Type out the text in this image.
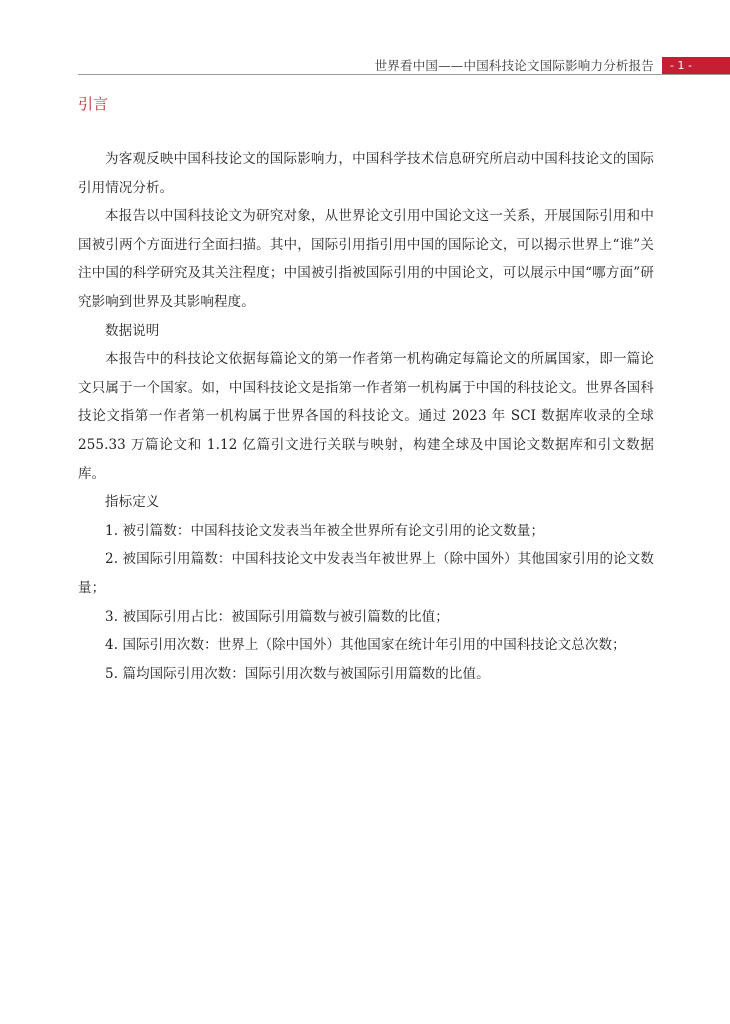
世界看中国——中国科技论文国际影响力分析报告	- 1 -
引言

为客观反映中国科技论文的国际影响力，中国科学技术信息研究所启动中国科技论文的国际引用情况分析。

本报告以中国科技论文为研究对象，从世界论文引用中国论文这一关系，开展国际引用和中国被引两个方面进行全面扫描。其中，国际引用指引用中国的国际论文，可以揭示世界上“谁”关注中国的科学研究及其关注程度；中国被引指被国际引用的中国论文，可以展示中国“哪方面”研究影响到世界及其影响程度。

数据说明

本报告中的科技论文依据每篇论文的第一作者第一机构确定每篇论文的所属国家，即一篇论文只属于一个国家。如，中国科技论文是指第一作者第一机构属于中国的科技论文。世界各国科技论文指第一作者第一机构属于世界各国的科技论文。通过 2023 年 SCI 数据库收录的全球 255.33 万篇论文和 1.12 亿篇引文进行关联与映射，构建全球及中国论文数据库和引文数据库。

指标定义

1. 被引篇数：中国科技论文发表当年被全世界所有论文引用的论文数量；

2. 被国际引用篇数：中国科技论文中发表当年被世界上（除中国外）其他国家引用的论文数量；

3. 被国际引用占比：被国际引用篇数与被引篇数的比值；

4. 国际引用次数：世界上（除中国外）其他国家在统计年引用的中国科技论文总次数；

5. 篇均国际引用次数：国际引用次数与被国际引用篇数的比值。
